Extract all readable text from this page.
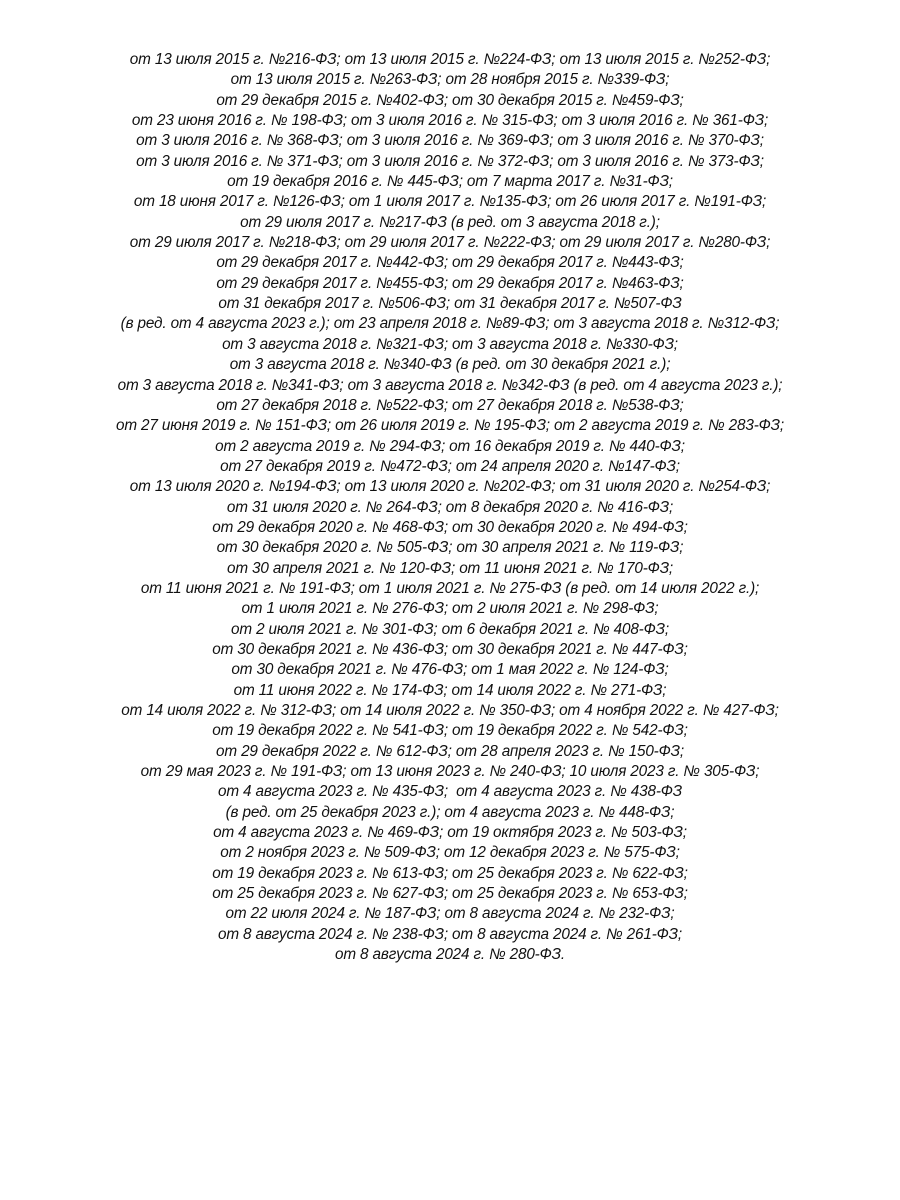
от 13 июля 2015 г. №216-ФЗ; от 13 июля 2015 г. №224-ФЗ; от 13 июля 2015 г. №252-ФЗ;
от 13 июля 2015 г. №263-ФЗ; от 28 ноября 2015 г. №339-ФЗ;
от 29 декабря 2015 г. №402-ФЗ; от 30 декабря 2015 г. №459-ФЗ;
от 23 июня 2016 г. № 198-ФЗ; от 3 июля 2016 г. № 315-ФЗ; от 3 июля 2016 г. № 361-ФЗ;
от 3 июля 2016 г. № 368-ФЗ; от 3 июля 2016 г. № 369-ФЗ; от 3 июля 2016 г. № 370-ФЗ;
от 3 июля 2016 г. № 371-ФЗ; от 3 июля 2016 г. № 372-ФЗ; от 3 июля 2016 г. № 373-ФЗ;
от 19 декабря 2016 г. № 445-ФЗ; от 7 марта 2017 г. №31-ФЗ;
от 18 июня 2017 г. №126-ФЗ; от 1 июля 2017 г. №135-ФЗ; от 26 июля 2017 г. №191-ФЗ;
от 29 июля 2017 г. №217-ФЗ (в ред. от 3 августа 2018 г.);
от 29 июля 2017 г. №218-ФЗ; от 29 июля 2017 г. №222-ФЗ; от 29 июля 2017 г. №280-ФЗ;
от 29 декабря 2017 г. №442-ФЗ; от 29 декабря 2017 г. №443-ФЗ;
от 29 декабря 2017 г. №455-ФЗ; от 29 декабря 2017 г. №463-ФЗ;
от 31 декабря 2017 г. №506-ФЗ; от 31 декабря 2017 г. №507-ФЗ
(в ред. от 4 августа 2023 г.); от 23 апреля 2018 г. №89-ФЗ; от 3 августа 2018 г. №312-ФЗ;
от 3 августа 2018 г. №321-ФЗ; от 3 августа 2018 г. №330-ФЗ;
от 3 августа 2018 г. №340-ФЗ (в ред. от 30 декабря 2021 г.);
от 3 августа 2018 г. №341-ФЗ; от 3 августа 2018 г. №342-ФЗ (в ред. от 4 августа 2023 г.);
от 27 декабря 2018 г. №522-ФЗ; от 27 декабря 2018 г. №538-ФЗ;
от 27 июня 2019 г. № 151-ФЗ; от 26 июля 2019 г. № 195-ФЗ; от 2 августа 2019 г. № 283-ФЗ;
от 2 августа 2019 г. № 294-ФЗ; от 16 декабря 2019 г. № 440-ФЗ;
от 27 декабря 2019 г. №472-ФЗ; от 24 апреля 2020 г. №147-ФЗ;
от 13 июля 2020 г. №194-ФЗ; от 13 июля 2020 г. №202-ФЗ; от 31 июля 2020 г. №254-ФЗ;
от 31 июля 2020 г. № 264-ФЗ; от 8 декабря 2020 г. № 416-ФЗ;
от 29 декабря 2020 г. № 468-ФЗ; от 30 декабря 2020 г. № 494-ФЗ;
от 30 декабря 2020 г. № 505-ФЗ; от 30 апреля 2021 г. № 119-ФЗ;
от 30 апреля 2021 г. № 120-ФЗ; от 11 июня 2021 г. № 170-ФЗ;
от 11 июня 2021 г. № 191-ФЗ; от 1 июля 2021 г. № 275-ФЗ (в ред. от 14 июля 2022 г.);
от 1 июля 2021 г. № 276-ФЗ; от 2 июля 2021 г. № 298-ФЗ;
от 2 июля 2021 г. № 301-ФЗ; от 6 декабря 2021 г. № 408-ФЗ;
от 30 декабря 2021 г. № 436-ФЗ; от 30 декабря 2021 г. № 447-ФЗ;
от 30 декабря 2021 г. № 476-ФЗ; от 1 мая 2022 г. № 124-ФЗ;
от 11 июня 2022 г. № 174-ФЗ; от 14 июля 2022 г. № 271-ФЗ;
от 14 июля 2022 г. № 312-ФЗ; от 14 июля 2022 г. № 350-ФЗ; от 4 ноября 2022 г. № 427-ФЗ;
от 19 декабря 2022 г. № 541-ФЗ; от 19 декабря 2022 г. № 542-ФЗ;
от 29 декабря 2022 г. № 612-ФЗ; от 28 апреля 2023 г. № 150-ФЗ;
от 29 мая 2023 г. № 191-ФЗ; от 13 июня 2023 г. № 240-ФЗ; 10 июля 2023 г. № 305-ФЗ;
от 4 августа 2023 г. № 435-ФЗ;  от 4 августа 2023 г. № 438-ФЗ
(в ред. от 25 декабря 2023 г.); от 4 августа 2023 г. № 448-ФЗ;
от 4 августа 2023 г. № 469-ФЗ; от 19 октября 2023 г. № 503-ФЗ;
от 2 ноября 2023 г. № 509-ФЗ; от 12 декабря 2023 г. № 575-ФЗ;
от 19 декабря 2023 г. № 613-ФЗ; от 25 декабря 2023 г. № 622-ФЗ;
от 25 декабря 2023 г. № 627-ФЗ; от 25 декабря 2023 г. № 653-ФЗ;
от 22 июля 2024 г. № 187-ФЗ; от 8 августа 2024 г. № 232-ФЗ;
от 8 августа 2024 г. № 238-ФЗ; от 8 августа 2024 г. № 261-ФЗ;
от 8 августа 2024 г. № 280-ФЗ.
